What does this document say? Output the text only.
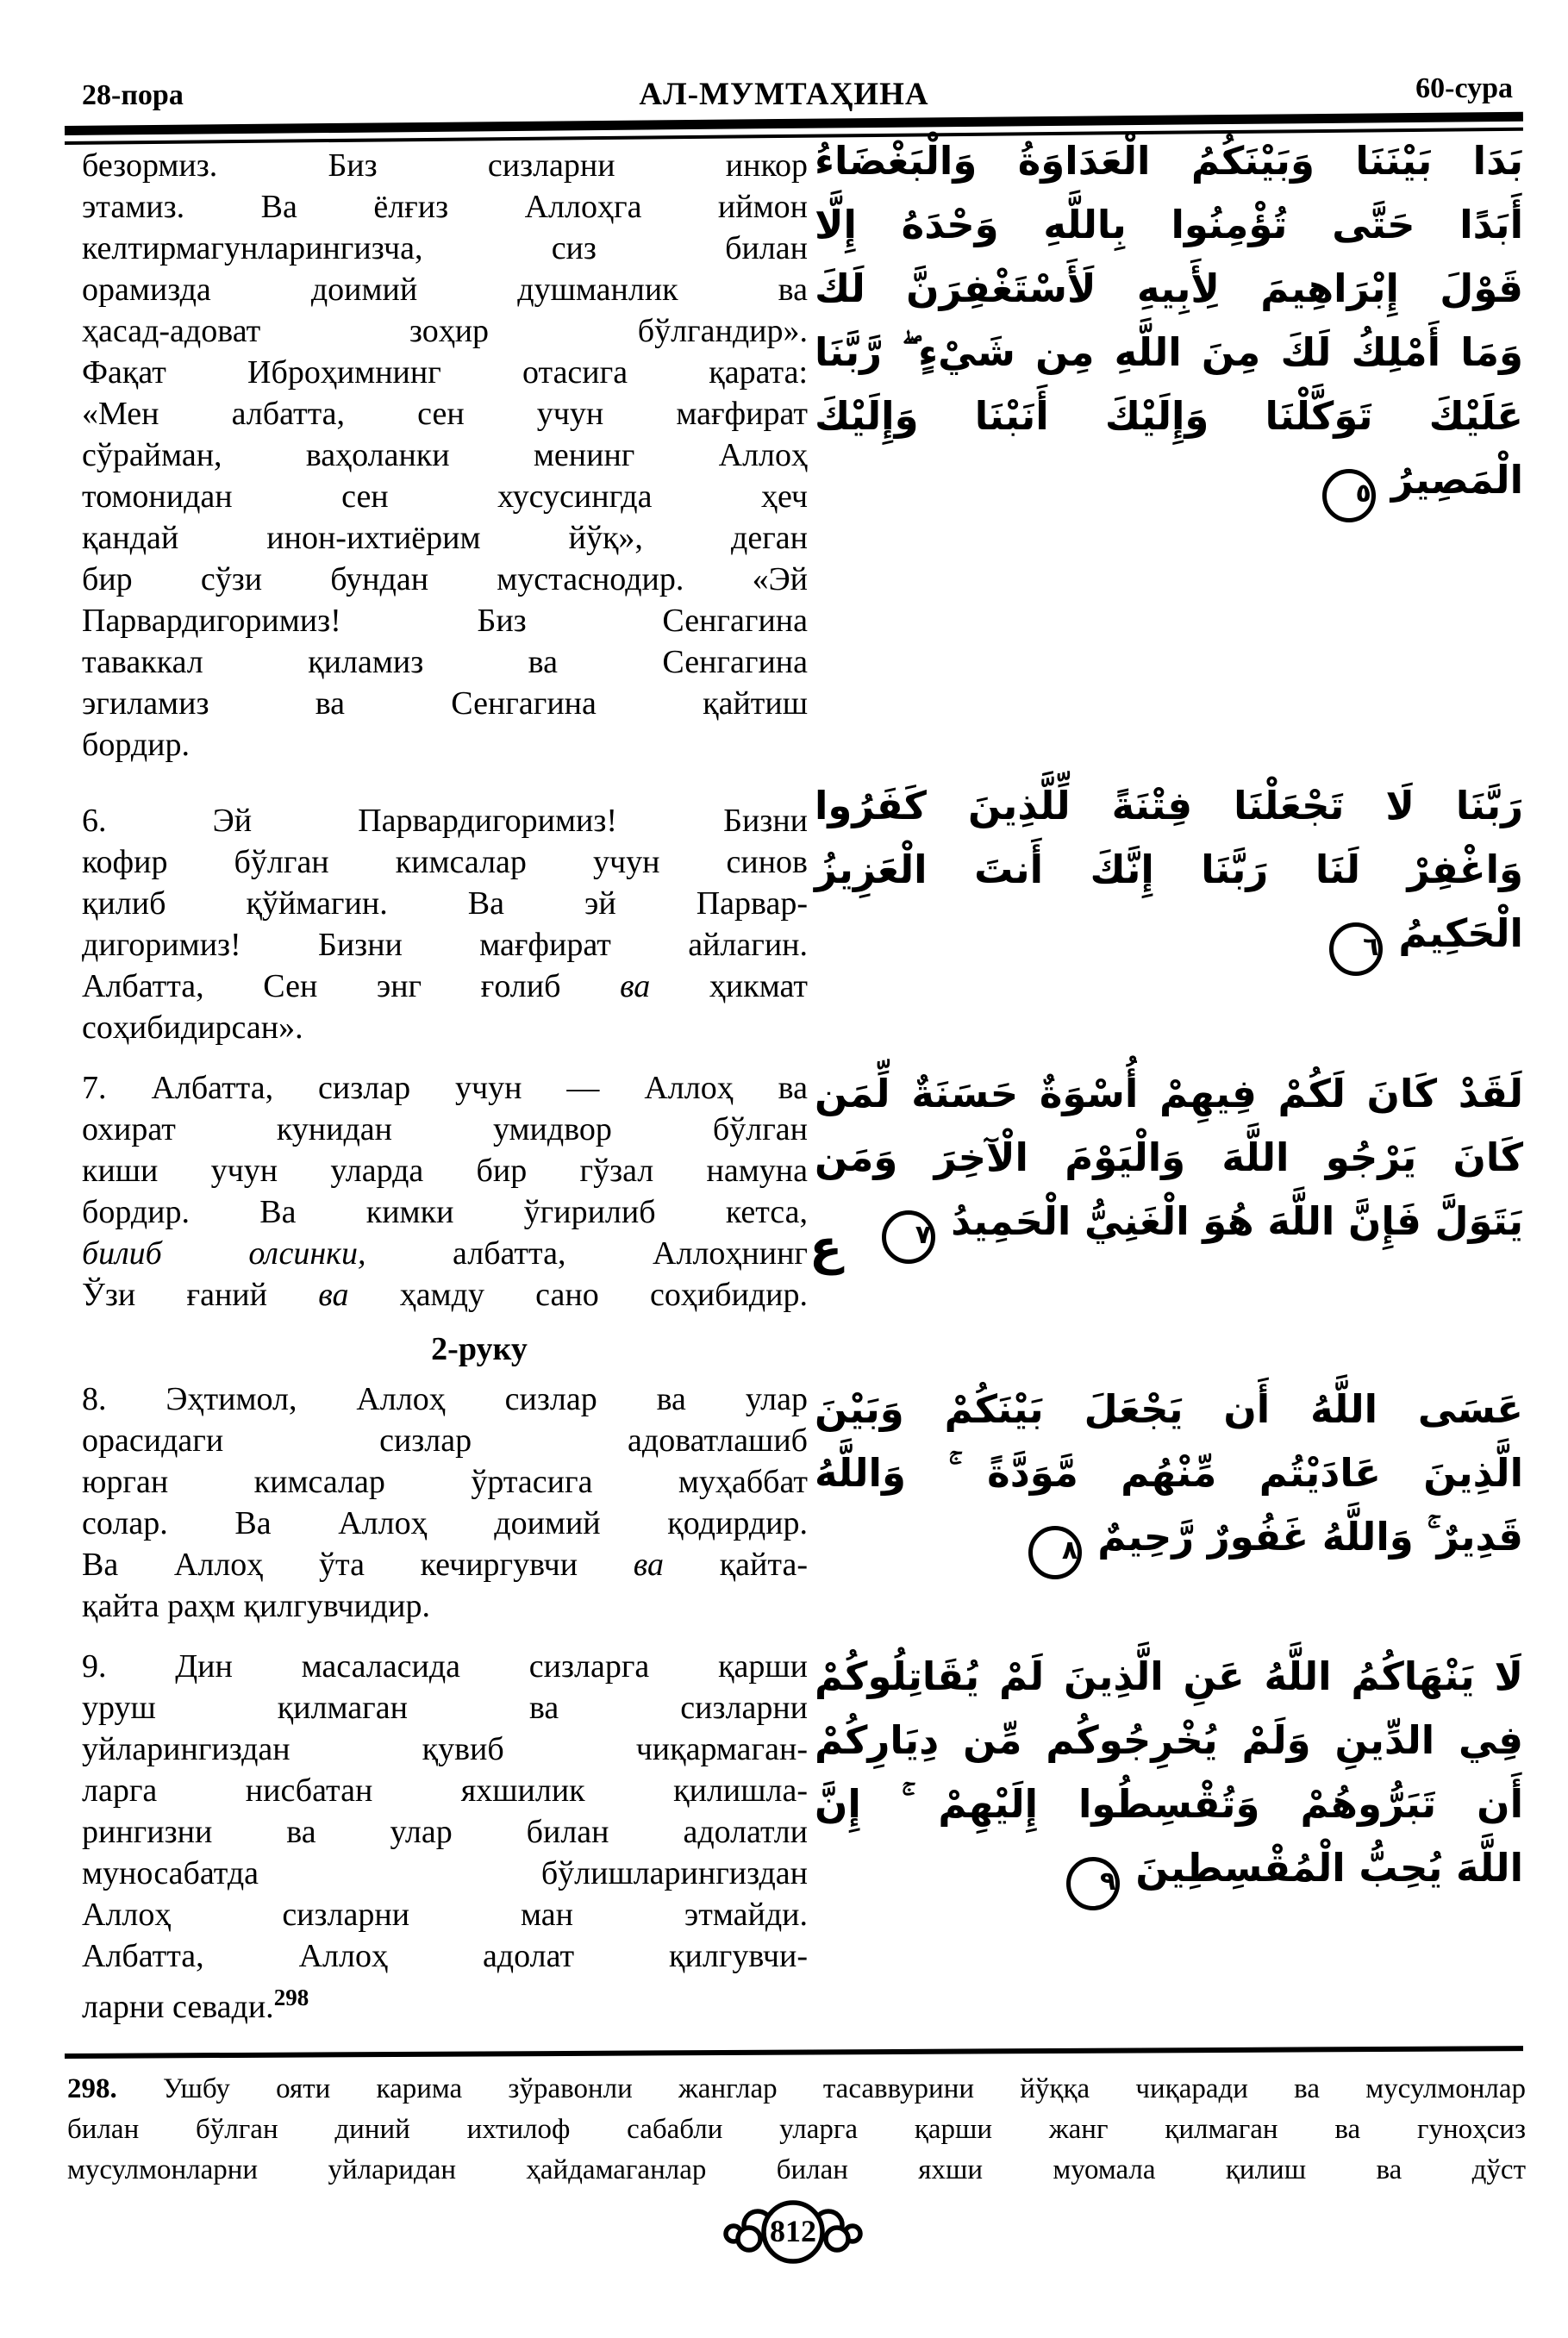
28-пора	АЛ-МУМТАҲИНА	60-сура

безормиз. Биз сизларни инкор
этамиз. Ва ёлғиз Аллоҳга иймон
келтирмагунларингизча, сиз билан
орамизда доимий душманлик ва
ҳасад-адоват зоҳир бўлгандир».
Фақат Иброҳимнинг отасига қарата:
«Мен албатта, сен учун мағфират
сўрайман, ваҳоланки менинг Аллоҳ
томонидан сен хусусингда ҳеч
қандай инон-ихтиёрим йўқ», деган
бир сўзи бундан мустаснодир. «Эй
Парвардигоримиз! Биз Сенгагина
таваккал қиламиз ва Сенгагина
эгиламиз ва Сенгагина қайтиш
бордир.

6. Эй Парвардигоримиз! Бизни
кофир бўлган кимсалар учун синов
қилиб қўймагин. Ва эй Парвар-
дигоримиз! Бизни мағфират айлагин.
Албатта, Сен энг ғолиб ва ҳикмат
соҳибидирсан».

7. Албатта, сизлар учун — Аллоҳ ва
охират кунидан умидвор бўлган
киши учун уларда бир гўзал намуна
бордир. Ва кимки ўгирилиб кетса,
билиб олсинки, албатта, Аллоҳнинг
Ўзи ғаний ва ҳамду сано соҳибидир.

2-руку

8. Эҳтимол, Аллоҳ сизлар ва улар
орасидаги сизлар адоватлашиб
юрган кимсалар ўртасига муҳаббат
солар. Ва Аллоҳ доимий қодирдир.
Ва Аллоҳ ўта кечиргувчи ва қайта-
қайта раҳм қилгувчидир.

9. Дин масаласида сизларга қарши
уруш қилмаган ва сизларни
уйларингиздан қувиб чиқармаган-
ларга нисбатан яхшилик қилишла-
рингизни ва улар билан адолатли
муносабатда бўлишларингиздан
Аллоҳ сизларни ман этмайди.
Албатта, Аллоҳ адолат қилгувчи-
ларни севади.$^{298}$

بَدَا بَيْنَنَا وَبَيْنَكُمُ الْعَدَاوَةُ وَالْبَغْضَاءُ
أَبَدًا حَتَّى تُؤْمِنُوا بِاللَّهِ وَحْدَهُ إِلَّا
قَوْلَ إِبْرَاهِيمَ لِأَبِيهِ لَأَسْتَغْفِرَنَّ لَكَ
وَمَا أَمْلِكُ لَكَ مِنَ اللَّهِ مِن شَيْءٍ ۖ رَّبَّنَا
عَلَيْكَ تَوَكَّلْنَا وَإِلَيْكَ أَنَبْنَا وَإِلَيْكَ
الْمَصِيرُ٥
رَبَّنَا لَا تَجْعَلْنَا فِتْنَةً لِّلَّذِينَ كَفَرُوا
وَاغْفِرْ لَنَا رَبَّنَا إِنَّكَ أَنتَ الْعَزِيزُ
الْحَكِيمُ٦
لَقَدْ كَانَ لَكُمْ فِيهِمْ أُسْوَةٌ حَسَنَةٌ لِّمَن
كَانَ يَرْجُو اللَّهَ وَالْيَوْمَ الْآخِرَ وَمَن
يَتَوَلَّ فَإِنَّ اللَّهَ هُوَ الْغَنِيُّ الْحَمِيدُ٧
ع
عَسَى اللَّهُ أَن يَجْعَلَ بَيْنَكُمْ وَبَيْنَ
الَّذِينَ عَادَيْتُم مِّنْهُم مَّوَدَّةً ۚ وَاللَّهُ
قَدِيرٌ ۚ وَاللَّهُ غَفُورٌ رَّحِيمٌ٨
لَا يَنْهَاكُمُ اللَّهُ عَنِ الَّذِينَ لَمْ يُقَاتِلُوكُمْ
فِي الدِّينِ وَلَمْ يُخْرِجُوكُم مِّن دِيَارِكُمْ
أَن تَبَرُّوهُمْ وَتُقْسِطُوا إِلَيْهِمْ ۚ إِنَّ
اللَّهَ يُحِبُّ الْمُقْسِطِينَ٩
298. Ушбу ояти карима зўравонли жанглар тасаввурини йўққа чиқаради ва мусулмонлар
билан бўлган диний ихтилоф сабабли уларга қарши жанг қилмаган ва гуноҳсиз
мусулмонларни уйларидан ҳайдамаганлар билан яхши муомала қилиш ва дўст
812
